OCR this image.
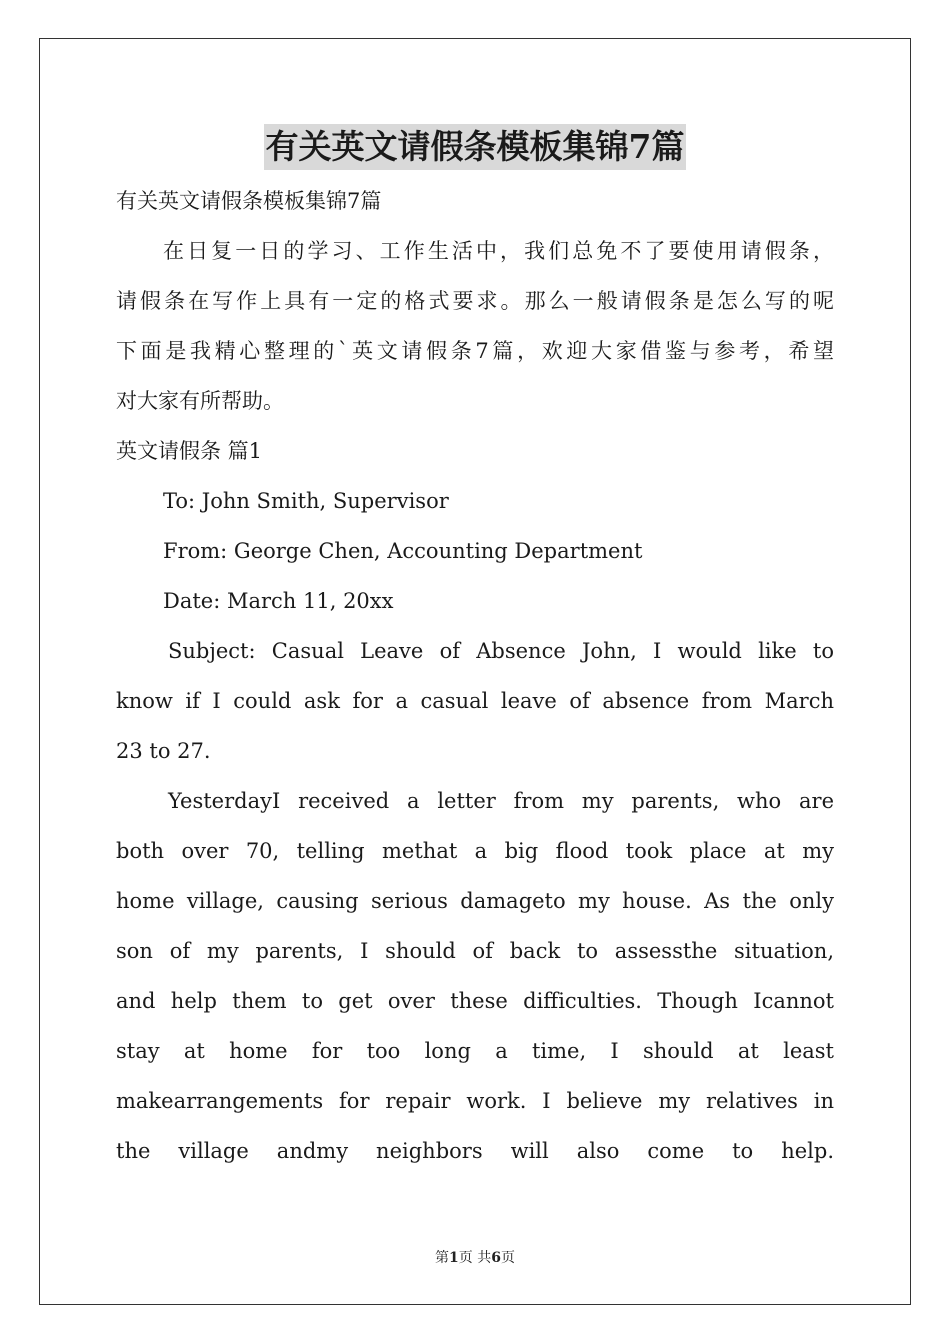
有关英文请假条模板集锦7篇
有关英文请假条模板集锦7篇
在日复一日的学习、工作生活中，我们总免不了要使用请假条，
请假条在写作上具有一定的格式要求。那么一般请假条是怎么写的呢
下面是我精心整理的`英文请假条7篇，欢迎大家借鉴与参考，希望
对大家有所帮助。
英文请假条 篇1
To: John Smith, Supervisor
From: George Chen, Accounting Department
Date: March 11, 20xx
Subject: Casual Leave of Absence John, I would like to
know if I could ask for a casual leave of absence from March
23 to 27.
YesterdayI received a letter from my parents, who are
both over 70, telling methat a big flood took place at my
home village, causing serious damageto my house. As the only
son of my parents, I should of back to assessthe situation,
and help them to get over these difficulties. Though Icannot
stay at home for too long a time, I should at least
makearrangements for repair work. I believe my relatives in
the village andmy neighbors will also come to help.
第1页 共6页
